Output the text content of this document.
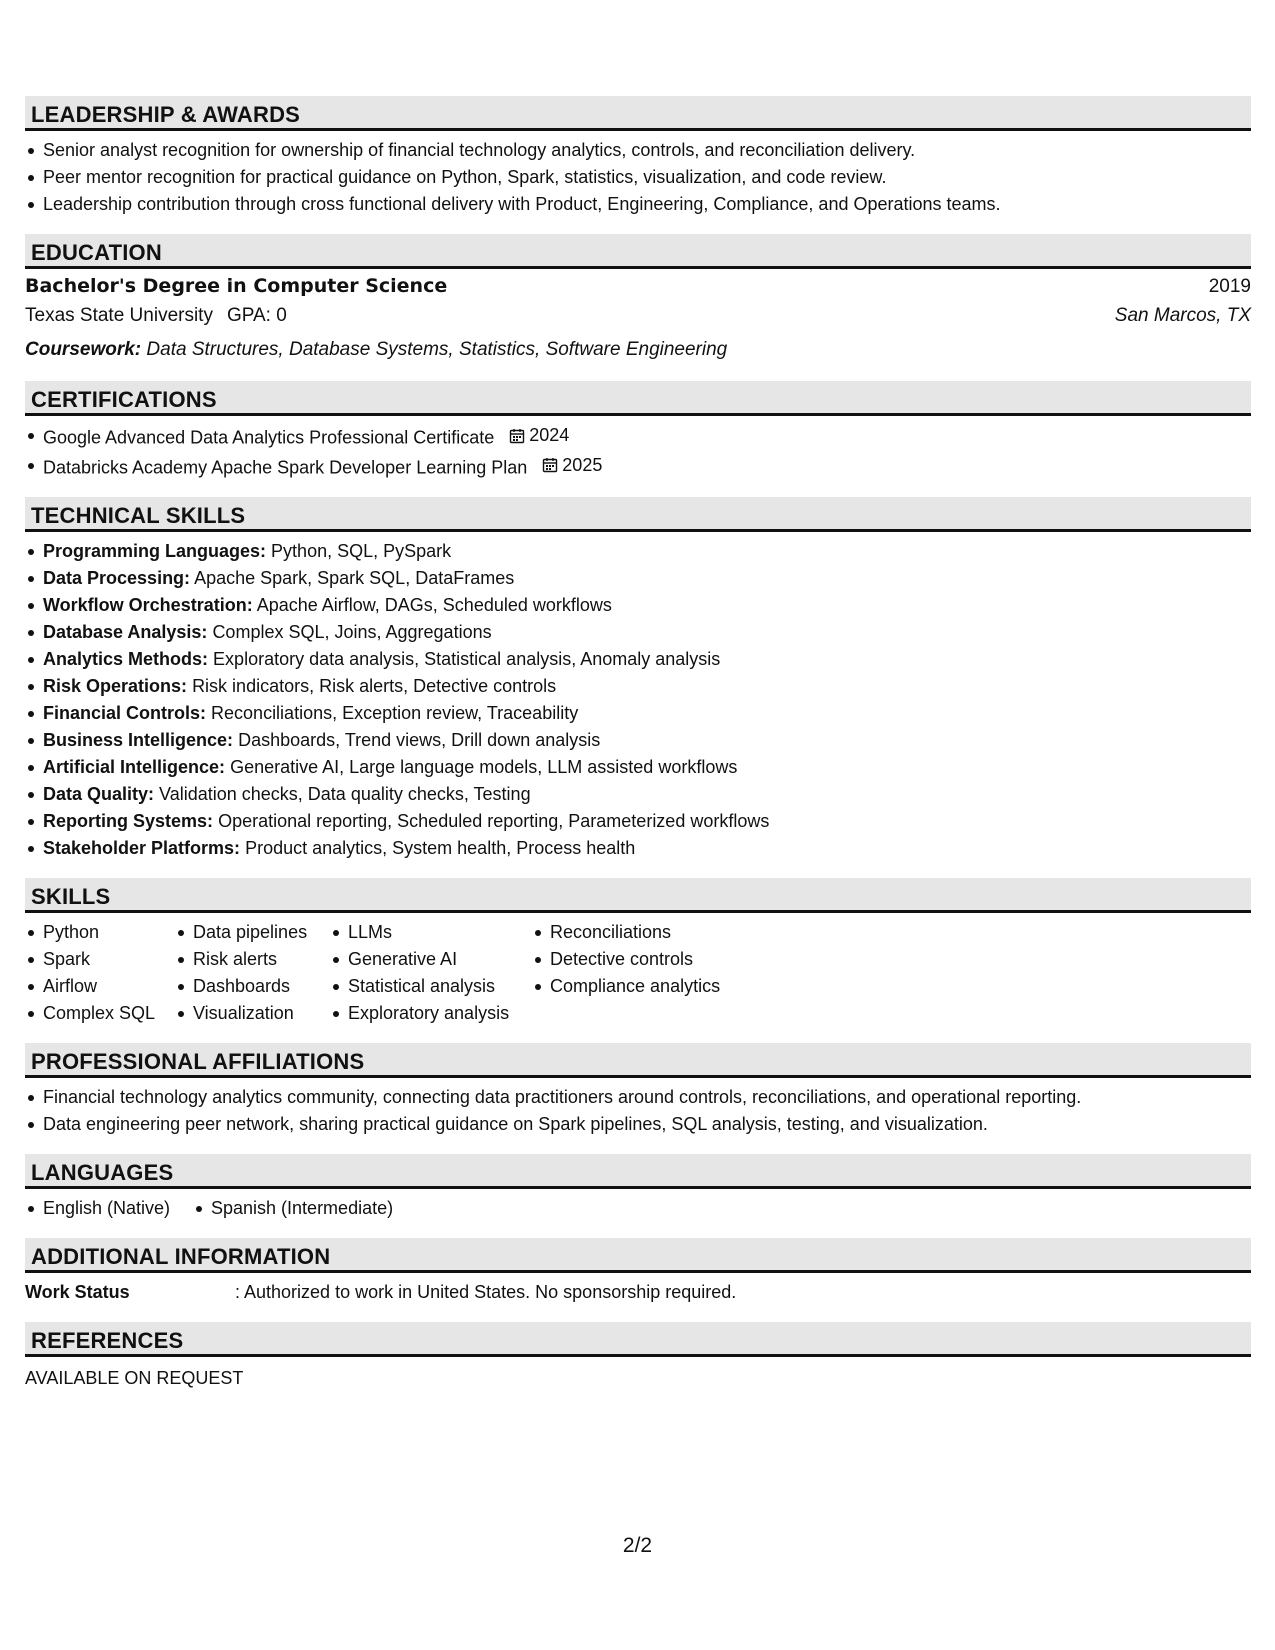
LEADERSHIP & AWARDS
Senior analyst recognition for ownership of financial technology analytics, controls, and reconciliation delivery.
Peer mentor recognition for practical guidance on Python, Spark, statistics, visualization, and code review.
Leadership contribution through cross functional delivery with Product, Engineering, Compliance, and Operations teams.
EDUCATION
Bachelor's Degree in Computer Science	2019
Texas State University GPA: 0	San Marcos, TX
Coursework: Data Structures, Database Systems, Statistics, Software Engineering
CERTIFICATIONS
Google Advanced Data Analytics Professional Certificate 2024
Databricks Academy Apache Spark Developer Learning Plan 2025
TECHNICAL SKILLS
Programming Languages: Python, SQL, PySpark
Data Processing: Apache Spark, Spark SQL, DataFrames
Workflow Orchestration: Apache Airflow, DAGs, Scheduled workflows
Database Analysis: Complex SQL, Joins, Aggregations
Analytics Methods: Exploratory data analysis, Statistical analysis, Anomaly analysis
Risk Operations: Risk indicators, Risk alerts, Detective controls
Financial Controls: Reconciliations, Exception review, Traceability
Business Intelligence: Dashboards, Trend views, Drill down analysis
Artificial Intelligence: Generative AI, Large language models, LLM assisted workflows
Data Quality: Validation checks, Data quality checks, Testing
Reporting Systems: Operational reporting, Scheduled reporting, Parameterized workflows
Stakeholder Platforms: Product analytics, System health, Process health
SKILLS
Python
Spark
Airflow
Complex SQL
Data pipelines
Risk alerts
Dashboards
Visualization
LLMs
Generative AI
Statistical analysis
Exploratory analysis
Reconciliations
Detective controls
Compliance analytics
PROFESSIONAL AFFILIATIONS
Financial technology analytics community, connecting data practitioners around controls, reconciliations, and operational reporting.
Data engineering peer network, sharing practical guidance on Spark pipelines, SQL analysis, testing, and visualization.
LANGUAGES
English (Native)	Spanish (Intermediate)
ADDITIONAL INFORMATION
Work Status	: Authorized to work in United States. No sponsorship required.
REFERENCES
AVAILABLE ON REQUEST
2/2
